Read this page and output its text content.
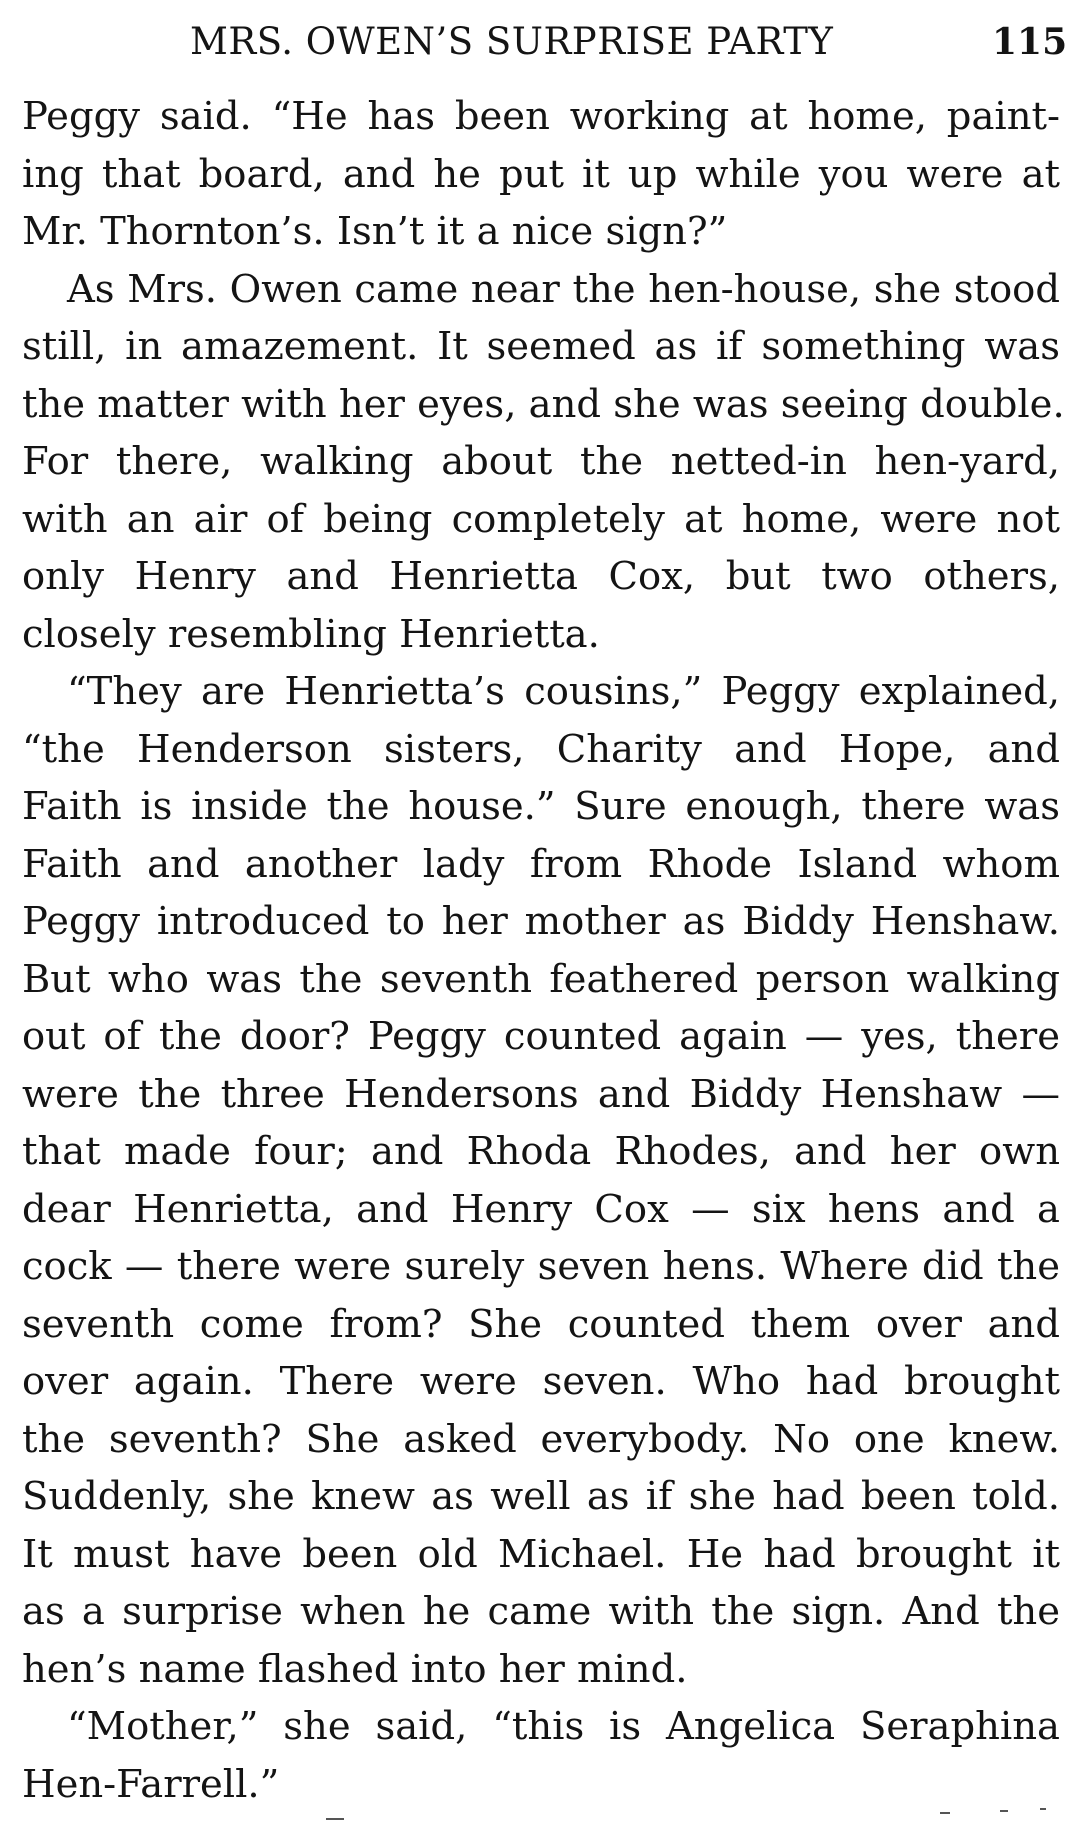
MRS. OWEN’S SURPRISE PARTY	115
Peggy said. “He has been working at home, paint-
ing that board, and he put it up while you were at
Mr. Thornton’s. Isn’t it a nice sign?”
As Mrs. Owen came near the hen-house, she stood
still, in amazement. It seemed as if something was
the matter with her eyes, and she was seeing double.
For there, walking about the netted-in hen-yard,
with an air of being completely at home, were not
only Henry and Henrietta Cox, but two others,
closely resembling Henrietta.
“They are Henrietta’s cousins,” Peggy explained,
“the Henderson sisters, Charity and Hope, and
Faith is inside the house.” Sure enough, there was
Faith and another lady from Rhode Island whom
Peggy introduced to her mother as Biddy Henshaw.
But who was the seventh feathered person walking
out of the door? Peggy counted again — yes, there
were the three Hendersons and Biddy Henshaw —
that made four; and Rhoda Rhodes, and her own
dear Henrietta, and Henry Cox — six hens and a
cock — there were surely seven hens. Where did the
seventh come from? She counted them over and
over again. There were seven. Who had brought
the seventh? She asked everybody. No one knew.
Suddenly, she knew as well as if she had been told.
It must have been old Michael. He had brought it
as a surprise when he came with the sign. And the
hen’s name flashed into her mind.
“Mother,” she said, “this is Angelica Seraphina
Hen-Farrell.”
